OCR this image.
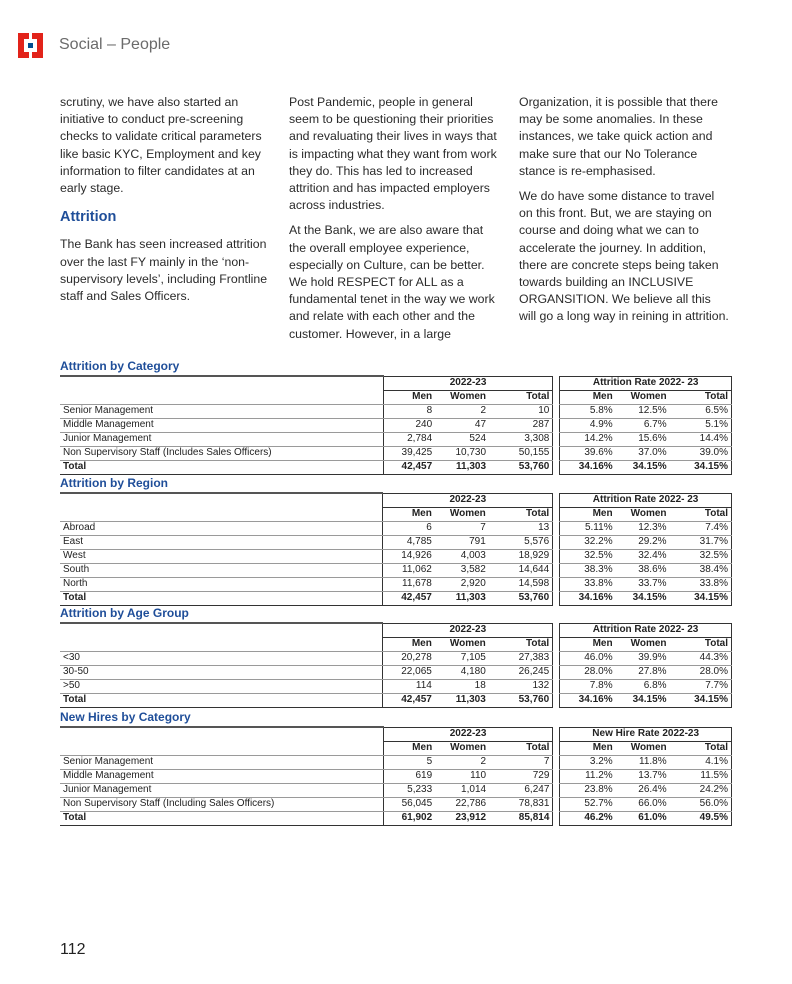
Social – People

scrutiny, we have also started an initiative to conduct pre-screening checks to validate critical parameters like basic KYC, Employment and key information to filter candidates at an early stage.

Attrition

The Bank has seen increased attrition over the last FY mainly in the ‘non-supervisory levels’, including Frontline staff and Sales Officers.

Post Pandemic, people in general seem to be questioning their priorities and revaluating their lives in ways that is impacting what they want from work they do. This has led to increased attrition and has impacted employers across industries.

At the Bank, we are also aware that the overall employee experience, especially on Culture, can be better. We hold RESPECT for ALL as a fundamental tenet in the way we work and relate with each other and the customer. However, in a large

Organization, it is possible that there may be some anomalies. In these instances, we take quick action and make sure that our No Tolerance stance is re-emphasised.

We do have some distance to travel on this front. But, we are staying on course and doing what we can to accelerate the journey. In addition, there are concrete steps being taken towards building an INCLUSIVE ORGANSITION. We believe all this will go a long way in reining in attrition.

Attrition by Category
	2022-23				Attrition Rate 2022- 23		
	Men	Women	Total		Men	Women	Total
Senior Management	8	2	10		5.8%	12.5%	6.5%
Middle Management	240	47	287		4.9%	6.7%	5.1%
Junior Management	2,784	524	3,308		14.2%	15.6%	14.4%
Non Supervisory Staff (Includes Sales Officers)	39,425	10,730	50,155		39.6%	37.0%	39.0%
Total	42,457	11,303	53,760		34.16%	34.15%	34.15%
Attrition by Region
	2022-23				Attrition Rate 2022- 23		
	Men	Women	Total		Men	Women	Total
Abroad	6	7	13		5.11%	12.3%	7.4%
East	4,785	791	5,576		32.2%	29.2%	31.7%
West	14,926	4,003	18,929		32.5%	32.4%	32.5%
South	11,062	3,582	14,644		38.3%	38.6%	38.4%
North	11,678	2,920	14,598		33.8%	33.7%	33.8%
Total	42,457	11,303	53,760		34.16%	34.15%	34.15%
Attrition by Age Group
	2022-23				Attrition Rate 2022- 23		
	Men	Women	Total		Men	Women	Total
<30	20,278	7,105	27,383		46.0%	39.9%	44.3%
30-50	22,065	4,180	26,245		28.0%	27.8%	28.0%
>50	114	18	132		7.8%	6.8%	7.7%
Total	42,457	11,303	53,760		34.16%	34.15%	34.15%
New Hires by Category
	2022-23				New Hire Rate 2022-23		
	Men	Women	Total		Men	Women	Total
Senior Management	5	2	7		3.2%	11.8%	4.1%
Middle Management	619	110	729		11.2%	13.7%	11.5%
Junior Management	5,233	1,014	6,247		23.8%	26.4%	24.2%
Non Supervisory Staff (Including Sales Officers)	56,045	22,786	78,831		52.7%	66.0%	56.0%
Total	61,902	23,912	85,814		46.2%	61.0%	49.5%
112
